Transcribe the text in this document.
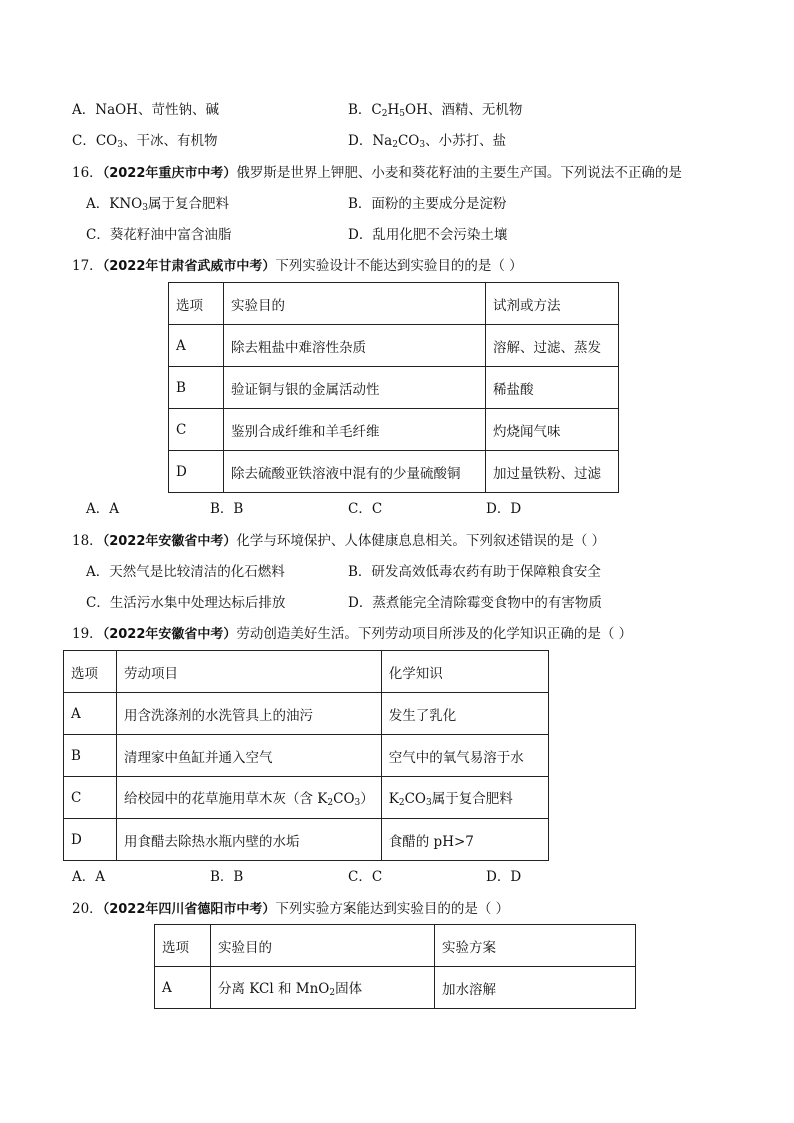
A．NaOH、苛性钠、碱	B．$C_2H_5OH$、酒精、无机物
C．$CO_3$、干冰、有机物	D．$Na_2CO_3$、小苏打、盐
16．（2022年重庆市中考）俄罗斯是世界上钾肥、小麦和葵花籽油的主要生产国。下列说法不正确的是
A．$KNO_3$属于复合肥料	B．面粉的主要成分是淀粉
C．葵花籽油中富含油脂	D．乱用化肥不会污染土壤
17．（2022年甘肃省武威市中考）下列实验设计不能达到实验目的的是（ ）
选项	实验目的	试剂或方法
A	除去粗盐中难溶性杂质	溶解、过滤、蒸发
B	验证铜与银的金属活动性	稀盐酸
C	鉴别合成纤维和羊毛纤维	灼烧闻气味
D	除去硫酸亚铁溶液中混有的少量硫酸铜	加过量铁粉、过滤
A．A	B．B	C．C	D．D
18．（2022年安徽省中考）化学与环境保护、人体健康息息相关。下列叙述错误的是（ ）
A．天然气是比较清洁的化石燃料	B．研发高效低毒农药有助于保障粮食安全
C．生活污水集中处理达标后排放	D．蒸煮能完全清除霉变食物中的有害物质
19．（2022年安徽省中考）劳动创造美好生活。下列劳动项目所涉及的化学知识正确的是（ ）
选项	劳动项目	化学知识
A	用含洗涤剂的水洗管具上的油污	发生了乳化
B	清理家中鱼缸并通入空气	空气中的氧气易溶于水
C	给校园中的花草施用草木灰（含 $K_2CO_3$）	$K_2CO_3$属于复合肥料
D	用食醋去除热水瓶内壁的水垢	食醋的 pH>7
A．A	B．B	C．C	D．D
20．（2022年四川省德阳市中考）下列实验方案能达到实验目的的是（ ）
选项	实验目的	实验方案
A	分离 KCl 和 MnO$_2$固体	加水溶解
